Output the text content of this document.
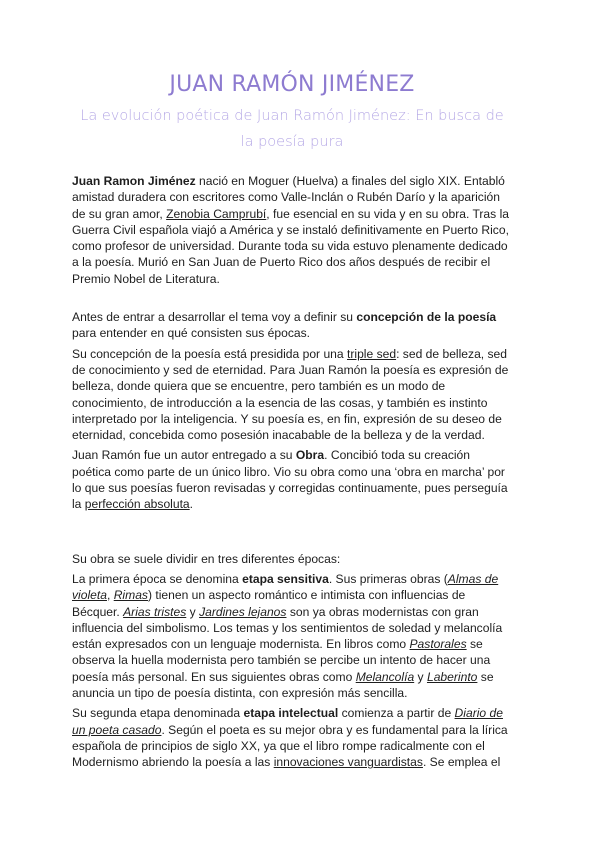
JUAN RAMÓN JIMÉNEZ
La evolución poética de Juan Ramón Jiménez: En busca de la poesía pura

Juan Ramon Jiménez nació en Moguer (Huelva) a finales del siglo XIX. Entabló amistad duradera con escritores como Valle-Inclán o Rubén Darío y la aparición de su gran amor, Zenobia Camprubí, fue esencial en su vida y en su obra. Tras la Guerra Civil española viajó a América y se instaló definitivamente en Puerto Rico, como profesor de universidad. Durante toda su vida estuvo plenamente dedicado a la poesía. Murió en San Juan de Puerto Rico dos años después de recibir el Premio Nobel de Literatura.

Antes de entrar a desarrollar el tema voy a definir su concepción de la poesía para entender en qué consisten sus épocas.

Su concepción de la poesía está presidida por una triple sed: sed de belleza, sed de conocimiento y sed de eternidad. Para Juan Ramón la poesía es expresión de belleza, donde quiera que se encuentre, pero también es un modo de conocimiento, de introducción a la esencia de las cosas, y también es instinto interpretado por la inteligencia. Y su poesía es, en fin, expresión de su deseo de eternidad, concebida como posesión inacabable de la belleza y de la verdad.

Juan Ramón fue un autor entregado a su Obra. Concibió toda su creación poética como parte de un único libro. Vio su obra como una ‘obra en marcha’ por lo que sus poesías fueron revisadas y corregidas continuamente, pues perseguía la perfección absoluta.

Su obra se suele dividir en tres diferentes épocas:

La primera época se denomina etapa sensitiva. Sus primeras obras (Almas de violeta, Rimas) tienen un aspecto romántico e intimista con influencias de Bécquer. Arias tristes y Jardines lejanos son ya obras modernistas con gran influencia del simbolismo. Los temas y los sentimientos de soledad y melancolía están expresados con un lenguaje modernista. En libros como Pastorales se observa la huella modernista pero también se percibe un intento de hacer una poesía más personal. En sus siguientes obras como Melancolía y Laberinto se anuncia un tipo de poesía distinta, con expresión más sencilla.

Su segunda etapa denominada etapa intelectual comienza a partir de Diario de un poeta casado. Según el poeta es su mejor obra y es fundamental para la lírica española de principios de siglo XX, ya que el libro rompe radicalmente con el Modernismo abriendo la poesía a las innovaciones vanguardistas. Se emplea el
